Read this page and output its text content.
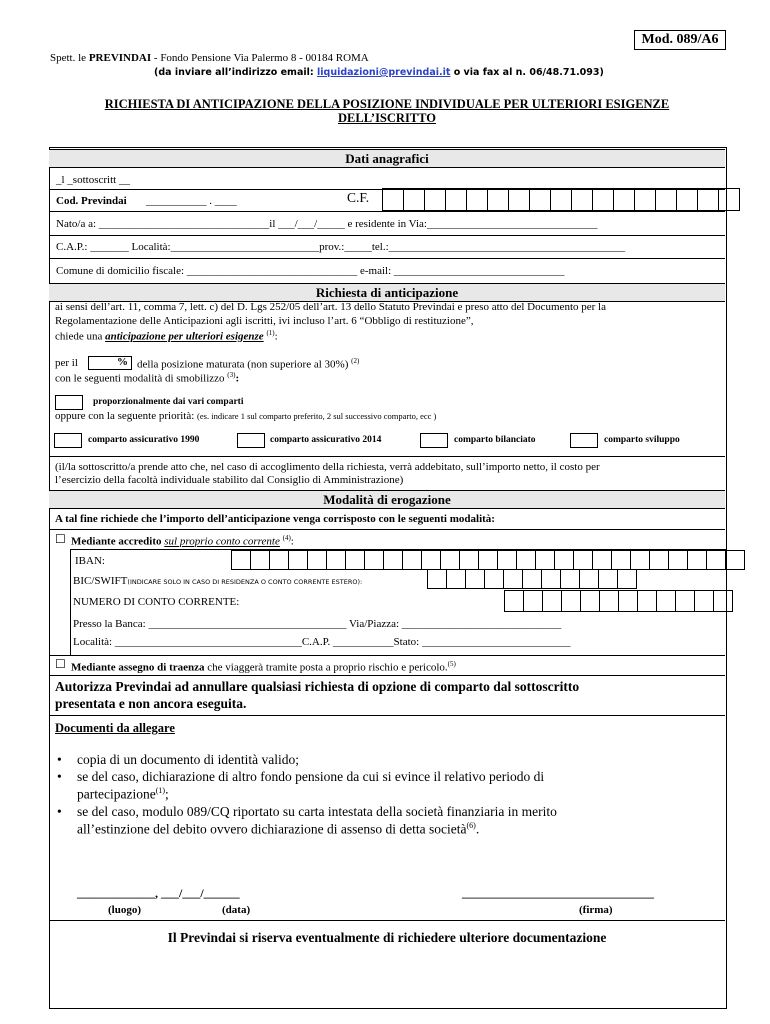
Mod. 089/A6
Spett. le PREVINDAI - Fondo Pensione Via Palermo 8 - 00184 ROMA
(da inviare all’indirizzo email: liquidazioni@previndai.it o via fax al n. 06/48.71.093)
RICHIESTA DI ANTICIPAZIONE DELLA POSIZIONE INDIVIDUALE PER ULTERIORI ESIGENZE
DELL’ISCRITTO
Dati anagrafici
_l _sottoscritt __
Cod. Previndai ___________ . ____	C.F.
Nato/a a: _______________________________il ___/___/_____ e residente in Via:_______________________________
C.A.P.: _______ Località:___________________________prov.:_____tel.:___________________________________________
Comune di domicilio fiscale: _______________________________ e-mail: _______________________________
Richiesta di anticipazione
ai sensi dell’art. 11, comma 7, lett. c) del D. Lgs 252/05 dell’art. 13 dello Statuto Previndai e preso atto del Documento per la
Regolamentazione delle Anticipazioni agli iscritti, ivi incluso l’art. 6 “Obbligo di restituzione”,
chiede una anticipazione per ulteriori esigenze $^{(1)}$:
per il	% della posizione maturata (non superiore al 30%) $^{(2)}$
con le seguenti modalità di smobilizzo $^{(3)}$:
proporzionalmente dai vari comparti
oppure con la seguente priorità: (es. indicare 1 sul comparto preferito, 2 sul successivo comparto, ecc )
comparto assicurativo 1990	comparto assicurativo 2014	comparto bilanciato	comparto sviluppo
(il/la sottoscritto/a prende atto che, nel caso di accoglimento della richiesta, verrà addebitato, sull’importo netto, il costo per
l’esercizio della facoltà individuale stabilito dal Consiglio di Amministrazione)
Modalità di erogazione
A tal fine richiede che l’importo dell’anticipazione venga corrisposto con le seguenti modalità:
☐ Mediante accredito sul proprio conto corrente $^{(4)}$:
IBAN:
BIC/SWIFT(INDICARE SOLO IN CASO DI RESIDENZA O CONTO CORRENTE ESTERO):
NUMERO DI CONTO CORRENTE:
Presso la Banca: ____________________________________ Via/Piazza: _____________________________
Località: __________________________________C.A.P. ___________Stato: ___________________________
☐ Mediante assegno di traenza che viaggerà tramite posta a proprio rischio e pericolo.$^{(5)}$
Autorizza Previndai ad annullare qualsiasi richiesta di opzione di comparto dal sottoscritto
presentata e non ancora eseguita.
Documenti da allegare
• copia di un documento di identità valido;
• se del caso, dichiarazione di altro fondo pensione da cui si evince il relativo periodo di
partecipazione$^{(1)}$;
• se del caso, modulo 089/CQ riportato su carta intestata della società finanziaria in merito
all’estinzione del debito ovvero dichiarazione di assenso di detta società$^{(6)}$.
_____________, ___/___/______	________________________________
(luogo)	(data)	(firma)
Il Previndai si riserva eventualmente di richiedere ulteriore documentazione
